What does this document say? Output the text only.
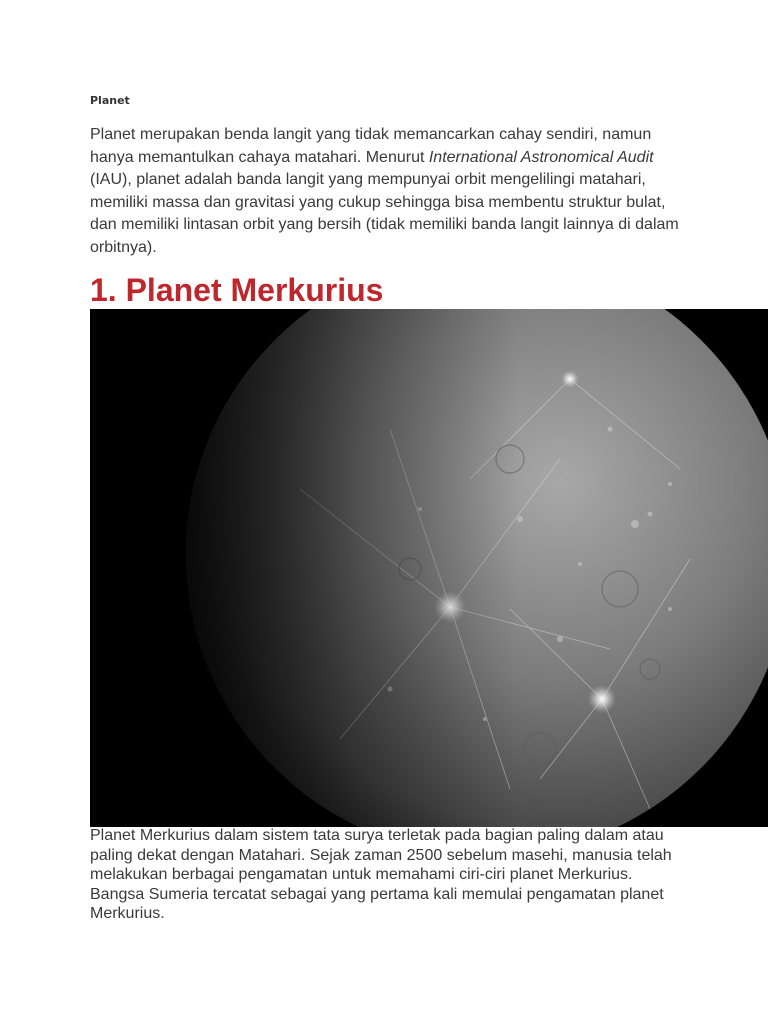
Planet

Planet merupakan benda langit yang tidak memancarkan cahay sendiri, namun hanya memantulkan cahaya matahari. Menurut International Astronomical Audit (IAU), planet adalah banda langit yang mempunyai orbit mengelilingi matahari, memiliki massa dan gravitasi yang cukup sehingga bisa membentu struktur bulat, dan memiliki lintasan orbit yang bersih (tidak memiliki banda langit lainnya di dalam orbitnya).

1. Planet Merkurius

Planet Merkurius dalam sistem tata surya terletak pada bagian paling dalam atau paling dekat dengan Matahari. Sejak zaman 2500 sebelum masehi, manusia telah melakukan berbagai pengamatan untuk memahami ciri-ciri planet Merkurius. Bangsa Sumeria tercatat sebagai yang pertama kali memulai pengamatan planet Merkurius.
